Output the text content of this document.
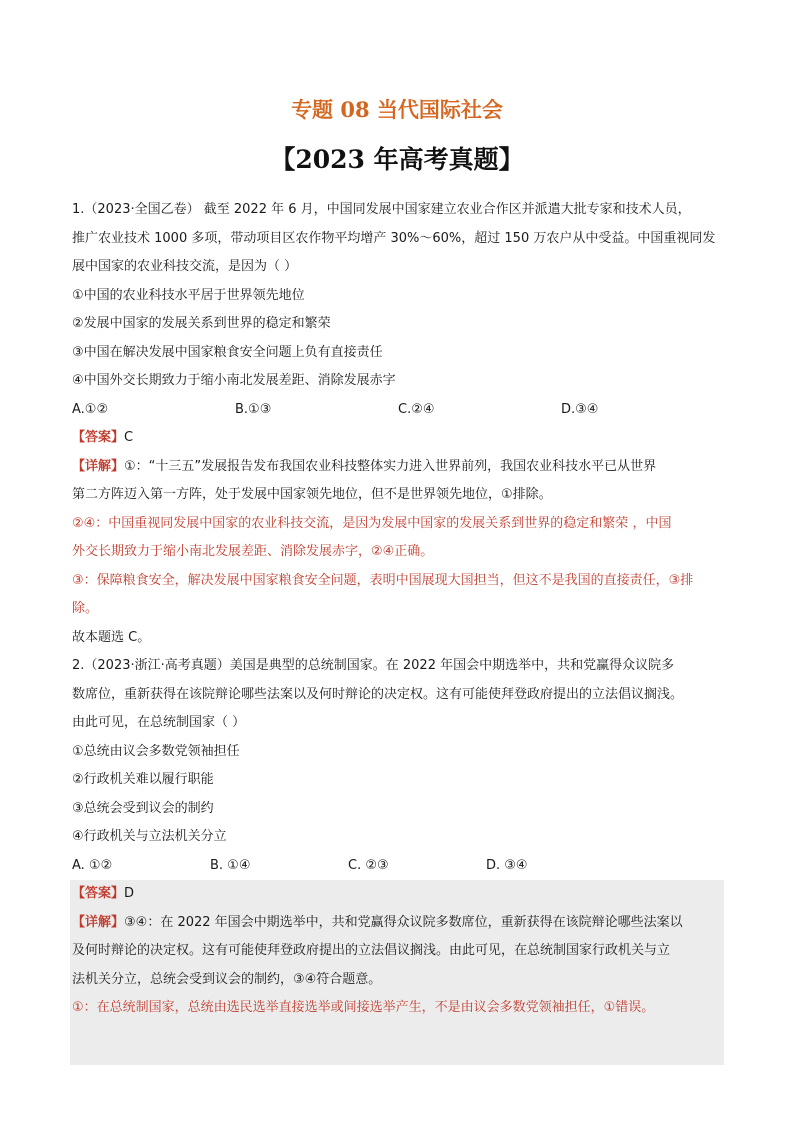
专题 08 当代国际社会
【2023 年高考真题】
1.（2023·全国乙卷） 截至 2022 年 6 月，中国同发展中国家建立农业合作区并派遣大批专家和技术人员，
推广农业技术 1000 多项，带动项目区农作物平均增产 30%～60%，超过 150 万农户从中受益。中国重视同发
展中国家的农业科技交流，是因为（ ）
①中国的农业科技水平居于世界领先地位
②发展中国家的发展关系到世界的稳定和繁荣
③中国在解决发展中国家粮食安全问题上负有直接责任
④中国外交长期致力于缩小南北发展差距、消除发展赤字
A.①②	B.①③	C.②④	D.③④
【答案】C
【详解】①：“十三五”发展报告发布我国农业科技整体实力进入世界前列，我国农业科技水平已从世界
第二方阵迈入第一方阵，处于发展中国家领先地位，但不是世界领先地位，①排除。
②④：中国重视同发展中国家的农业科技交流，是因为发展中国家的发展关系到世界的稳定和繁荣 ，中国
外交长期致力于缩小南北发展差距、消除发展赤字，②④正确。
③：保障粮食安全，解决发展中国家粮食安全问题，表明中国展现大国担当，但这不是我国的直接责任，③排
除。
故本题选 C。
2.（2023·浙江·高考真题）美国是典型的总统制国家。在 2022 年国会中期选举中，共和党赢得众议院多
数席位，重新获得在该院辩论哪些法案以及何时辩论的决定权。这有可能使拜登政府提出的立法倡议搁浅。
由此可见，在总统制国家（ ）
①总统由议会多数党领袖担任
②行政机关难以履行职能
③总统会受到议会的制约
④行政机关与立法机关分立
A. ①②	B. ①④	C. ②③	D. ③④
【答案】D
【详解】③④：在 2022 年国会中期选举中，共和党赢得众议院多数席位，重新获得在该院辩论哪些法案以
及何时辩论的决定权。这有可能使拜登政府提出的立法倡议搁浅。由此可见，在总统制国家行政机关与立
法机关分立，总统会受到议会的制约，③④符合题意。
①：在总统制国家，总统由选民选举直接选举或间接选举产生，不是由议会多数党领袖担任，①错误。
